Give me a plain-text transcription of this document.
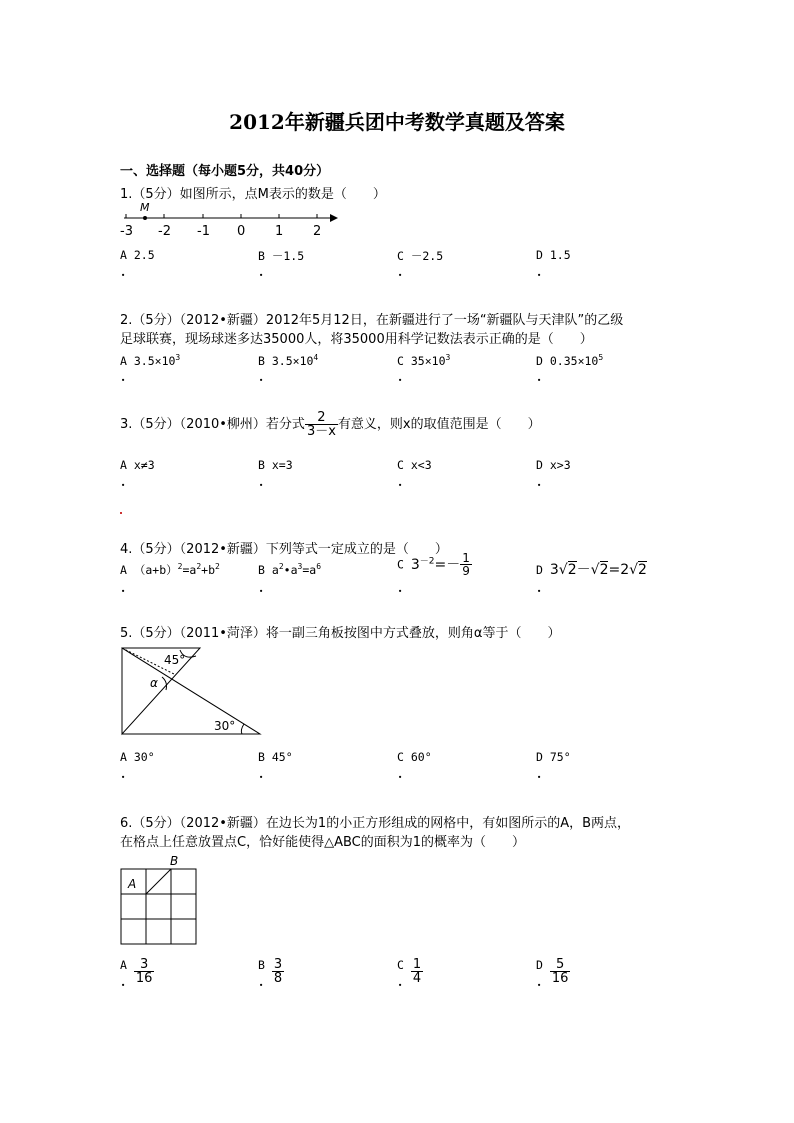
2012年新疆兵团中考数学真题及答案
一、选择题（每小题5分，共40分）
1.（5分）如图所示，点M表示的数是（　　）
M
-3 -2 -1 0 1 2
A 2.5	B －1.5	C －2.5	D 1.5
.	.	.	.
2.（5分）（2012•新疆）2012年5月12日，在新疆进行了一场“新疆队与天津队”的乙级
足球联赛，现场球迷多达35000人，将35000用科学记数法表示正确的是（　　）
A $3.5\times 10^3$	B $3.5\times 10^4$	C $35\times 10^3$	D $0.35\times 10^5$
.	.	.	.
3.（5分）（2010•柳州）若分式 $\frac{2}{3-x}$ 有意义，则x的取值范围是（　　）
A x≠3	B x=3	C x<3	D x>3
.	.	.	.
4.（5分）（2012•新疆）下列等式一定成立的是（　　）
A $(a+b)^2=a^2+b^2$	B $a^2•a^3=a^6$	C $3^{-2}=- \frac{1}{9}$	D 3√2－√2=2√2
.	.	.	.
5.（5分）（2011•菏泽）将一副三角板按图中方式叠放，则角α等于（　　）
45°
α
30°
A 30°	B 45°	C 60°	D 75°
.	.	.	.
6.（5分）（2012•新疆）在边长为1的小正方形组成的网格中，有如图所示的A，B两点，
在格点上任意放置点C，恰好能使得△ABC的面积为1的概率为（　　）
A
B
A $\frac{3}{16}$	B $\frac{3}{8}$	C $\frac{1}{4}$	D $\frac{5}{16}$
.	.	.	.
